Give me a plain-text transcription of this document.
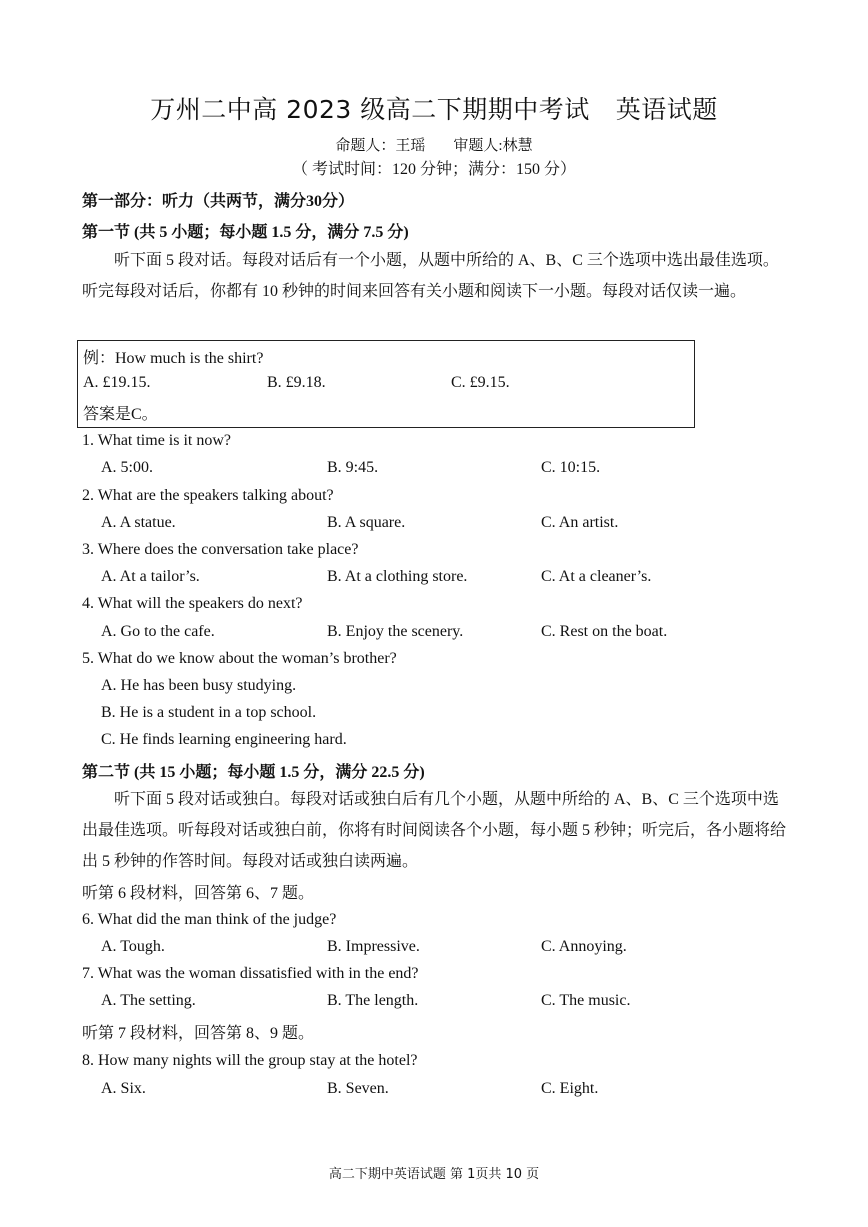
万州二中高 2023 级高二下期期中考试 英语试题
命题人：王瑶 审题人:林慧
（ 考试时间：120 分钟；满分：150 分）
第一部分：听力（共两节，满分30分）
第一节 (共 5 小题；每小题 1.5 分，满分 7.5 分)
听下面 5 段对话。每段对话后有一个小题，从题中所给的 A、B、C 三个选项中选出最佳选项。听完每段对话后，你都有 10 秒钟的时间来回答有关小题和阅读下一小题。每段对话仅读一遍。
例：How much is the shirt?
A. £19.15.	B. £9.18.	C. £9.15.
答案是C。
1. What time is it now?
A. 5:00.	B. 9:45.	C. 10:15.
2. What are the speakers talking about?
A. A statue.	B. A square.	C. An artist.
3. Where does the conversation take place?
A. At a tailor’s.	B. At a clothing store.	C. At a cleaner’s.
4. What will the speakers do next?
A. Go to the cafe.	B. Enjoy the scenery.	C. Rest on the boat.
5. What do we know about the woman’s brother?
A. He has been busy studying.
B. He is a student in a top school.
C. He finds learning engineering hard.
第二节 (共 15 小题；每小题 1.5 分，满分 22.5 分)
听下面 5 段对话或独白。每段对话或独白后有几个小题，从题中所给的 A、B、C 三个选项中选出最佳选项。听每段对话或独白前，你将有时间阅读各个小题，每小题 5 秒钟；听完后，各小题将给出 5 秒钟的作答时间。每段对话或独白读两遍。
听第 6 段材料，回答第 6、7 题。
6. What did the man think of the judge?
A. Tough.	B. Impressive.	C. Annoying.
7. What was the woman dissatisfied with in the end?
A. The setting.	B. The length.	C. The music.
听第 7 段材料，回答第 8、9 题。
8. How many nights will the group stay at the hotel?
A. Six.	B. Seven.	C. Eight.
高二下期中英语试题 第 1页共 10 页
